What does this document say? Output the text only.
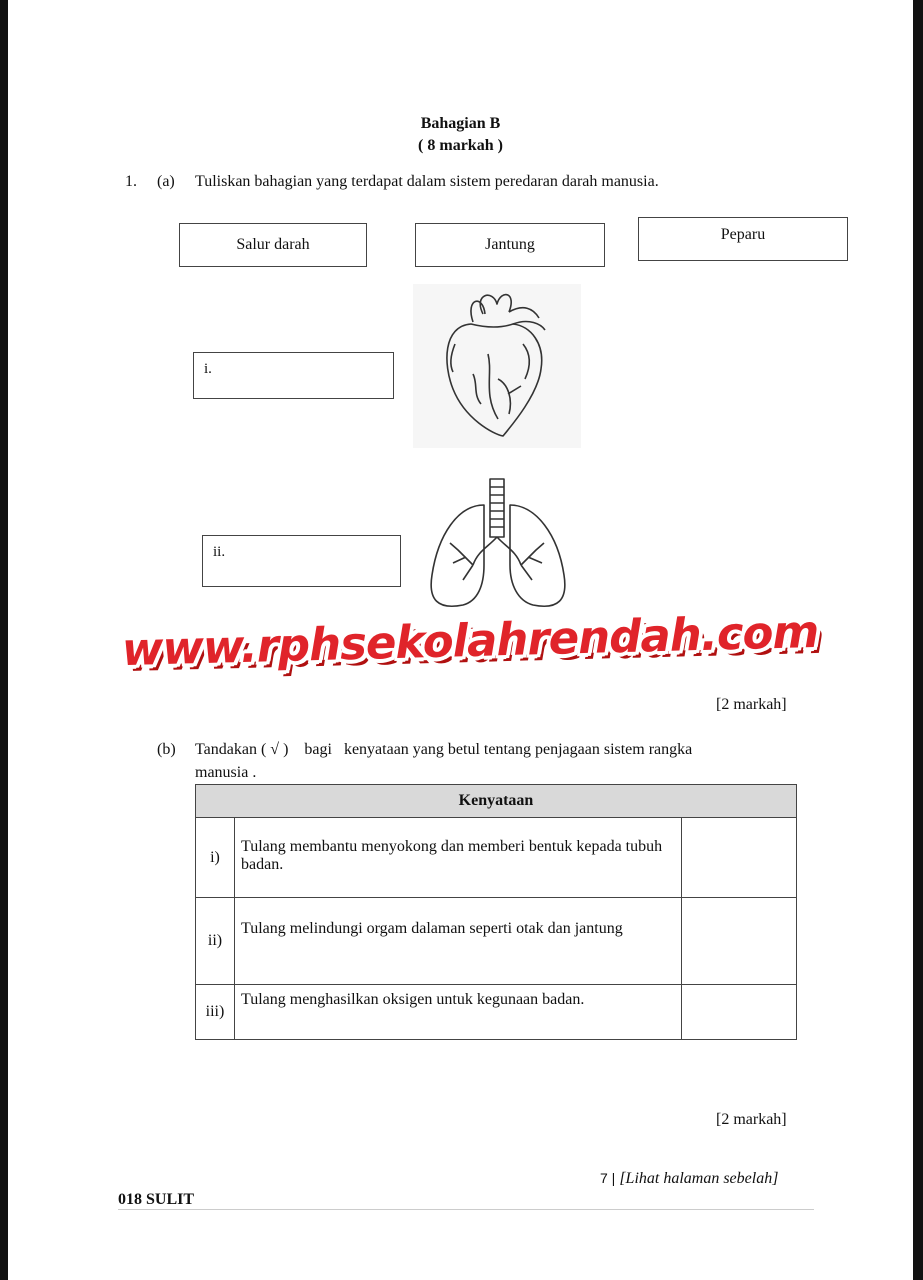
Bahagian B
( 8 markah )
1. (a) Tuliskan bahagian yang terdapat dalam sistem peredaran darah manusia.
Salur darah	Jantung
Peparu
i.
ii.
www.rphsekolahrendah.com
[2 markah]
(b) Tandakan ( √ )    bagi   kenyataan yang betul tentang penjagaan sistem rangka
manusia .
Kenyataan		
i)	Tulang membantu menyokong dan memberi bentuk kepada tubuh badan.	
ii)	Tulang melindungi orgam dalaman seperti otak dan jantung	
iii)	Tulang menghasilkan oksigen untuk kegunaan badan.	
[2 markah]
7 | [Lihat halaman sebelah]
018 SULIT
